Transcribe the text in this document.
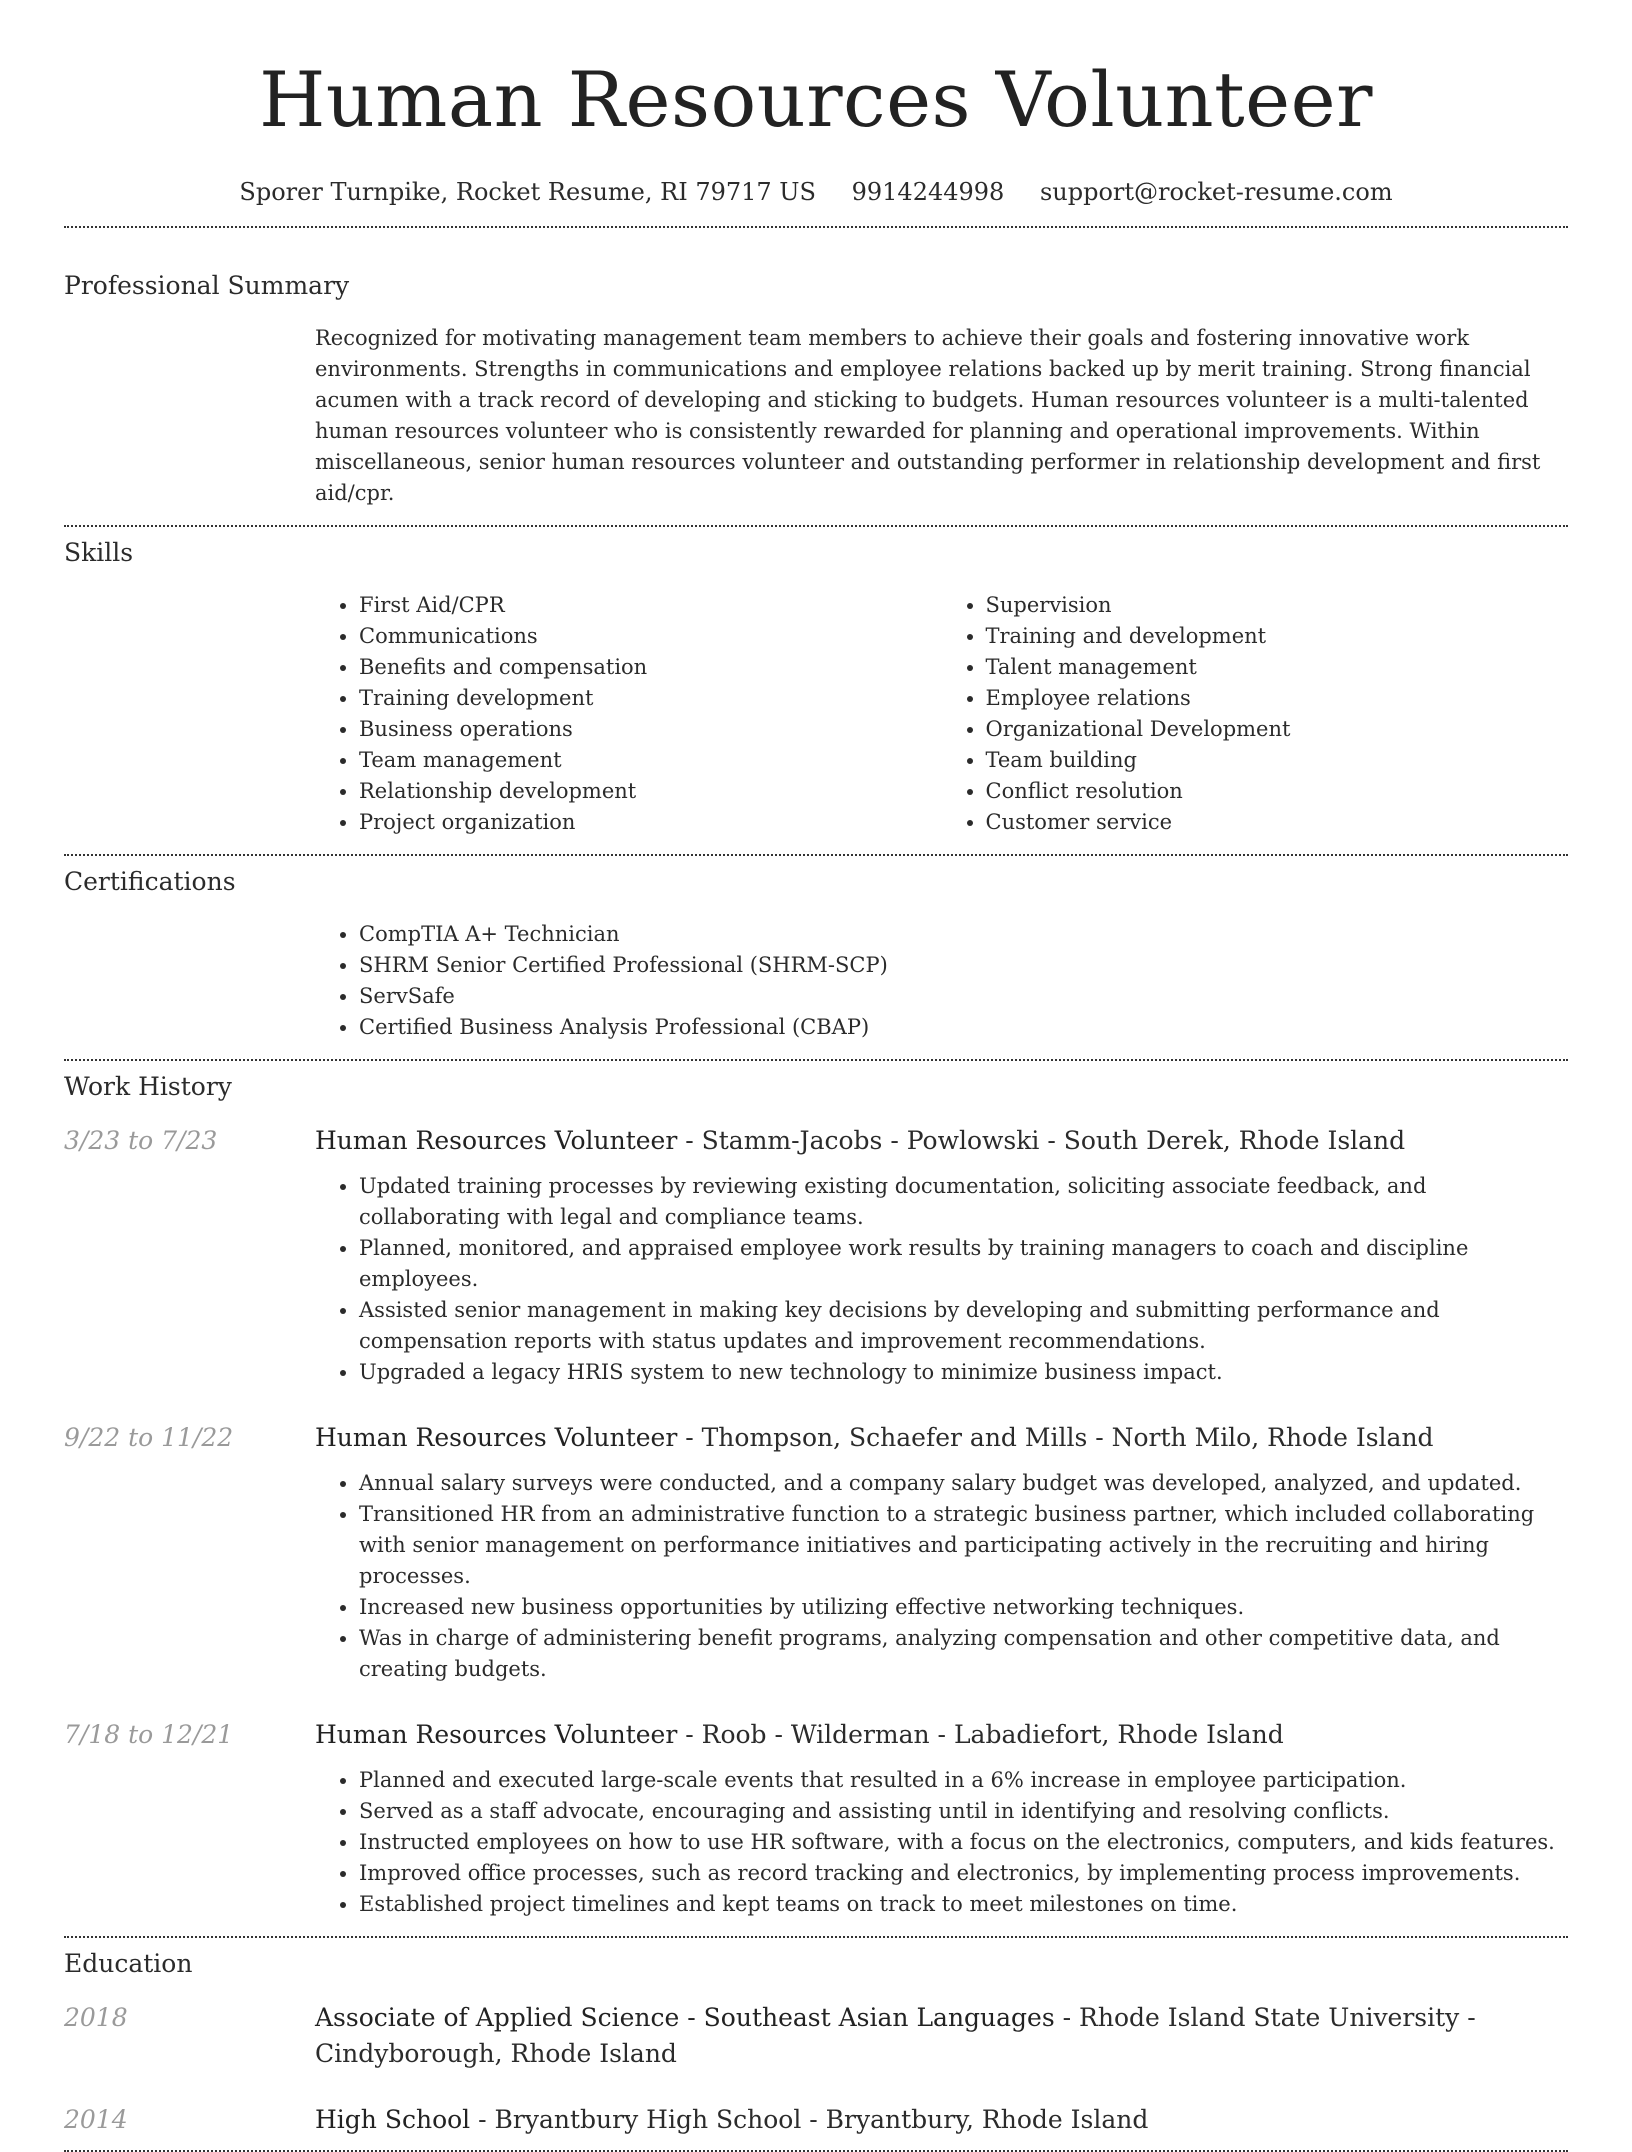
Human Resources Volunteer
Sporer Turnpike, Rocket Resume, RI 79717 US 9914244998 support@rocket-resume.com
Professional Summary

Recognized for motivating management team members to achieve their goals and fostering innovative work environments. Strengths in communications and employee relations backed up by merit training. Strong financial acumen with a track record of developing and sticking to budgets. Human resources volunteer is a multi-talented human resources volunteer who is consistently rewarded for planning and operational improvements. Within miscellaneous, senior human resources volunteer and outstanding performer in relationship development and first aid/cpr.

Skills
• First Aid/CPR
• Communications
• Benefits and compensation
• Training development
• Business operations
• Team management
• Relationship development
• Project organization
• Supervision
• Training and development
• Talent management
• Employee relations
• Organizational Development
• Team building
• Conflict resolution
• Customer service
Certifications
• CompTIA A+ Technician
• SHRM Senior Certified Professional (SHRM-SCP)
• ServSafe
• Certified Business Analysis Professional (CBAP)
Work History
3/23 to 7/23	Human Resources Volunteer - Stamm-Jacobs - Powlowski - South Derek, Rhode Island
• Updated training processes by reviewing existing documentation, soliciting associate feedback, and collaborating with legal and compliance teams.
• Planned, monitored, and appraised employee work results by training managers to coach and discipline employees.
• Assisted senior management in making key decisions by developing and submitting performance and compensation reports with status updates and improvement recommendations.
• Upgraded a legacy HRIS system to new technology to minimize business impact.
9/22 to 11/22	Human Resources Volunteer - Thompson, Schaefer and Mills - North Milo, Rhode Island
• Annual salary surveys were conducted, and a company salary budget was developed, analyzed, and updated.
• Transitioned HR from an administrative function to a strategic business partner, which included collaborating with senior management on performance initiatives and participating actively in the recruiting and hiring processes.
• Increased new business opportunities by utilizing effective networking techniques.
• Was in charge of administering benefit programs, analyzing compensation and other competitive data, and creating budgets.
7/18 to 12/21	Human Resources Volunteer - Roob - Wilderman - Labadiefort, Rhode Island
• Planned and executed large-scale events that resulted in a 6% increase in employee participation.
• Served as a staff advocate, encouraging and assisting until in identifying and resolving conflicts.
• Instructed employees on how to use HR software, with a focus on the electronics, computers, and kids features.
• Improved office processes, such as record tracking and electronics, by implementing process improvements.
• Established project timelines and kept teams on track to meet milestones on time.
Education
2018	Associate of Applied Science - Southeast Asian Languages - Rhode Island State University - Cindyborough, Rhode Island
2014	High School - Bryantbury High School - Bryantbury, Rhode Island
